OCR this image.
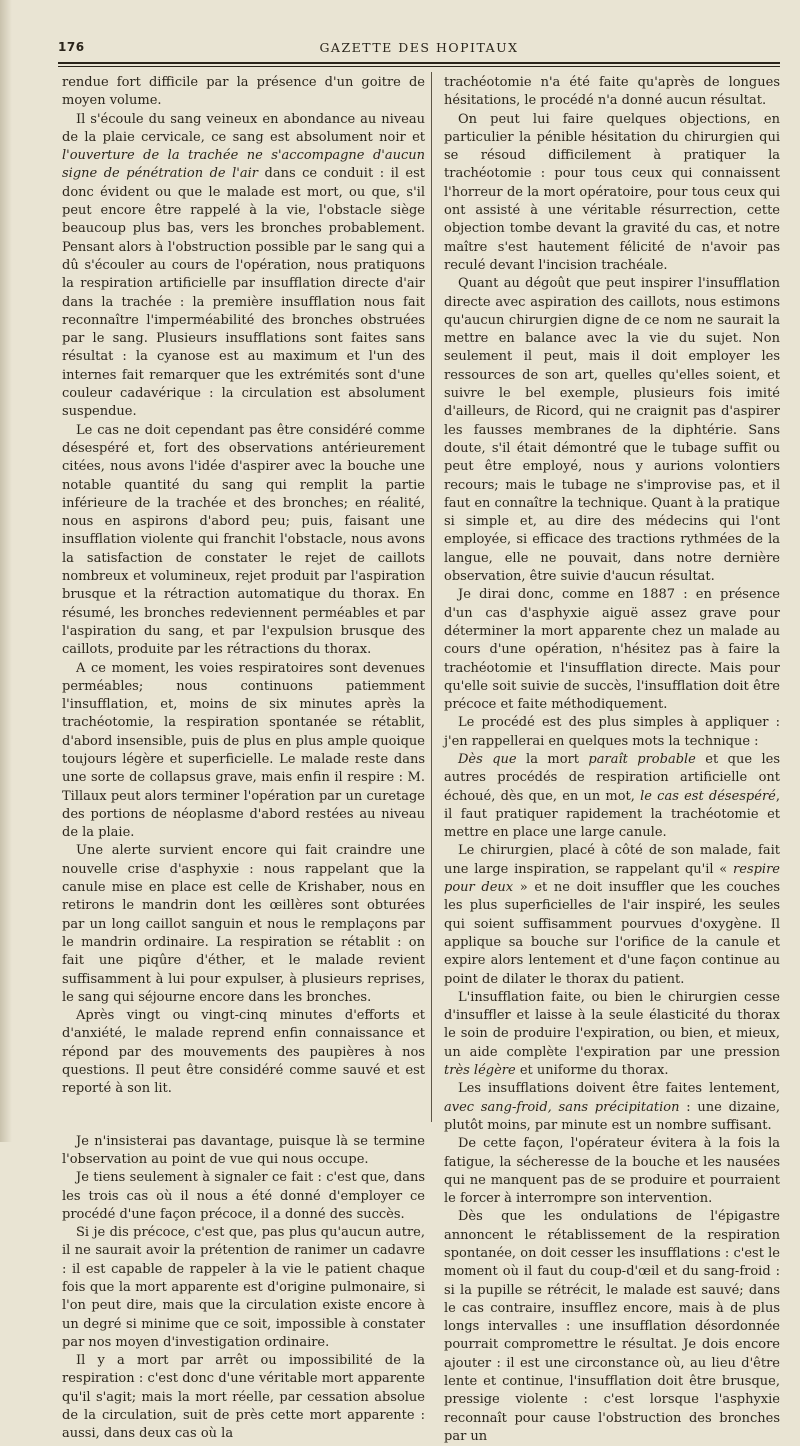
176	GAZETTE DES HOPITAUX

rendue fort difficile par la présence d'un goitre de moyen volume.

Il s'écoule du sang veineux en abondance au niveau de la plaie cervicale, ce sang est absolument noir et l'ouverture de la trachée ne s'accompagne d'aucun signe de pénétration de l'air dans ce conduit : il est donc évident ou que le malade est mort, ou que, s'il peut encore être rappelé à la vie, l'obstacle siège beaucoup plus bas, vers les bronches probablement. Pensant alors à l'obstruction possible par le sang qui a dû s'écouler au cours de l'opération, nous pratiquons la respiration artificielle par insufflation directe d'air dans la trachée : la première insufflation nous fait reconnaître l'imperméabilité des bronches obstruées par le sang. Plusieurs insufflations sont faites sans résultat : la cyanose est au maximum et l'un des internes fait remarquer que les extrémités sont d'une couleur cadavérique : la circulation est absolument suspendue.

Le cas ne doit cependant pas être considéré comme désespéré et, fort des observations antérieurement citées, nous avons l'idée d'aspirer avec la bouche une notable quantité du sang qui remplit la partie inférieure de la trachée et des bronches; en réalité, nous en aspirons d'abord peu; puis, faisant une insufflation violente qui franchit l'obstacle, nous avons la satisfaction de constater le rejet de caillots nombreux et volumineux, rejet produit par l'aspiration brusque et la rétraction automatique du thorax. En résumé, les bronches redeviennent perméables et par l'aspiration du sang, et par l'expulsion brusque des caillots, produite par les rétractions du thorax.

A ce moment, les voies respiratoires sont devenues perméables; nous continuons patiemment l'insufflation, et, moins de six minutes après la trachéotomie, la respiration spontanée se rétablit, d'abord insensible, puis de plus en plus ample quoique toujours légère et superficielle. Le malade reste dans une sorte de collapsus grave, mais enfin il respire : M. Tillaux peut alors terminer l'opération par un curetage des portions de néoplasme d'abord restées au niveau de la plaie.

Une alerte survient encore qui fait craindre une nouvelle crise d'asphyxie : nous rappelant que la canule mise en place est celle de Krishaber, nous en retirons le mandrin dont les œillères sont obturées par un long caillot sanguin et nous le remplaçons par le mandrin ordinaire. La respiration se rétablit : on fait une piqûre d'éther, et le malade revient suffisamment à lui pour expulser, à plusieurs reprises, le sang qui séjourne encore dans les bronches.

Après vingt ou vingt-cinq minutes d'efforts et d'anxiété, le malade reprend enfin connaissance et répond par des mouvements des paupières à nos questions. Il peut être considéré comme sauvé et est reporté à son lit.

Je n'insisterai pas davantage, puisque là se termine l'observation au point de vue qui nous occupe.

Je tiens seulement à signaler ce fait : c'est que, dans les trois cas où il nous a été donné d'employer ce procédé d'une façon précoce, il a donné des succès.

Si je dis précoce, c'est que, pas plus qu'aucun autre, il ne saurait avoir la prétention de ranimer un cadavre : il est capable de rappeler à la vie le patient chaque fois que la mort apparente est d'origine pulmonaire, si l'on peut dire, mais que la circulation existe encore à un degré si minime que ce soit, impossible à constater par nos moyen d'investigation ordinaire.

Il y a mort par arrêt ou impossibilité de la respiration : c'est donc d'une véritable mort apparente qu'il s'agit; mais la mort réelle, par cessation absolue de la circulation, suit de près cette mort apparente : aussi, dans deux cas où la

trachéotomie n'a été faite qu'après de longues hésitations, le procédé n'a donné aucun résultat.

On peut lui faire quelques objections, en particulier la pénible hésitation du chirurgien qui se résoud difficilement à pratiquer la trachéotomie : pour tous ceux qui connaissent l'horreur de la mort opératoire, pour tous ceux qui ont assisté à une véritable résurrection, cette objection tombe devant la gravité du cas, et notre maître s'est hautement félicité de n'avoir pas reculé devant l'incision trachéale.

Quant au dégoût que peut inspirer l'insufflation directe avec aspiration des caillots, nous estimons qu'aucun chirurgien digne de ce nom ne saurait la mettre en balance avec la vie du sujet. Non seulement il peut, mais il doit employer les ressources de son art, quelles qu'elles soient, et suivre le bel exemple, plusieurs fois imité d'ailleurs, de Ricord, qui ne craignit pas d'aspirer les fausses membranes de la diphtérie. Sans doute, s'il était démontré que le tubage suffit ou peut être employé, nous y aurions volontiers recours; mais le tubage ne s'improvise pas, et il faut en connaître la technique. Quant à la pratique si simple et, au dire des médecins qui l'ont employée, si efficace des tractions rythmées de la langue, elle ne pouvait, dans notre dernière observation, être suivie d'aucun résultat.

Je dirai donc, comme en 1887 : en présence d'un cas d'asphyxie aiguë assez grave pour déterminer la mort apparente chez un malade au cours d'une opération, n'hésitez pas à faire la trachéotomie et l'insufflation directe. Mais pour qu'elle soit suivie de succès, l'insufflation doit être précoce et faite méthodiquement.

Le procédé est des plus simples à appliquer : j'en rappellerai en quelques mots la technique :

Dès que la mort paraît probable et que les autres procédés de respiration artificielle ont échoué, dès que, en un mot, le cas est désespéré, il faut pratiquer rapidement la trachéotomie et mettre en place une large canule.

Le chirurgien, placé à côté de son malade, fait une large inspiration, se rappelant qu'il « respire pour deux » et ne doit insuffler que les couches les plus superficielles de l'air inspiré, les seules qui soient suffisamment pourvues d'oxygène. Il applique sa bouche sur l'orifice de la canule et expire alors lentement et d'une façon continue au point de dilater le thorax du patient.

L'insufflation faite, ou bien le chirurgien cesse d'insuffler et laisse à la seule élasticité du thorax le soin de produire l'expiration, ou bien, et mieux, un aide complète l'expiration par une pression très légère et uniforme du thorax.

Les insufflations doivent être faites lentement, avec sang-froid, sans précipitation : une dizaine, plutôt moins, par minute est un nombre suffisant.

De cette façon, l'opérateur évitera à la fois la fatigue, la sécheresse de la bouche et les nausées qui ne manquent pas de se produire et pourraient le forcer à interrompre son intervention.

Dès que les ondulations de l'épigastre annoncent le rétablissement de la respiration spontanée, on doit cesser les insufflations : c'est le moment où il faut du coup-d'œil et du sang-froid : si la pupille se rétrécit, le malade est sauvé; dans le cas contraire, insufflez encore, mais à de plus longs intervalles : une insufflation désordonnée pourrait compromettre le résultat. Je dois encore ajouter : il est une circonstance où, au lieu d'être lente et continue, l'insufflation doit être brusque, pressige violente : c'est lorsque l'asphyxie reconnaît pour cause l'obstruction des bronches par un
